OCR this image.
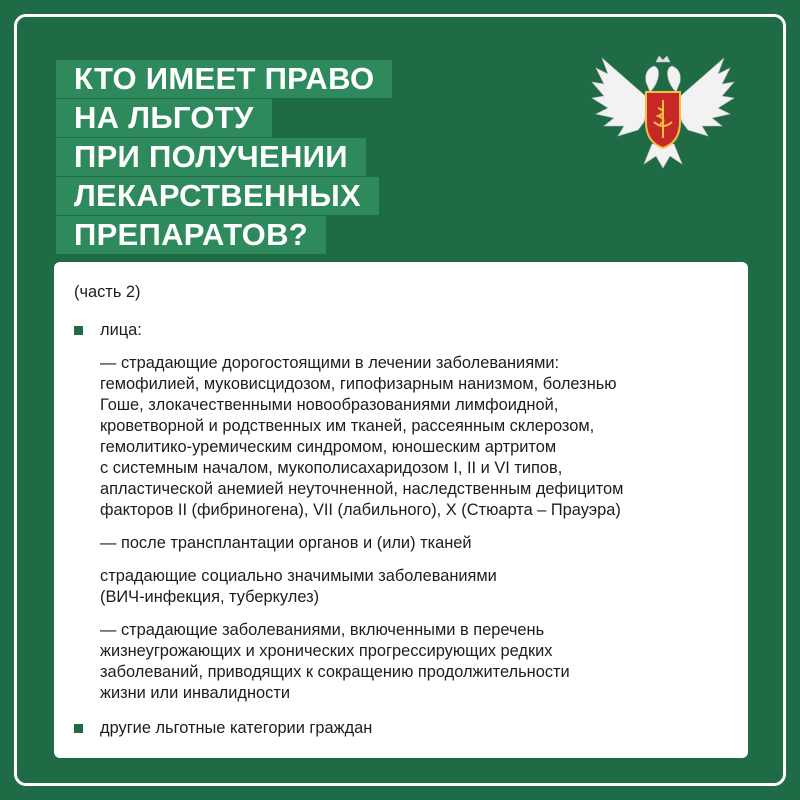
КТО ИМЕЕТ ПРАВО
НА ЛЬГОТУ
ПРИ ПОЛУЧЕНИИ
ЛЕКАРСТВЕННЫХ
ПРЕПАРАТОВ?
(часть 2)
лица:
— страдающие дорогостоящими в лечении заболеваниями:
гемофилией, муковисцидозом, гипофизарным нанизмом, болезнью
Гоше, злокачественными новообразованиями лимфоидной,
кроветворной и родственных им тканей, рассеянным склерозом,
гемолитико-уремическим синдромом, юношеским артритом
с системным началом, мукополисахаридозом I, II и VI типов,
апластической анемией неуточненной, наследственным дефицитом
факторов II (фибриногена), VII (лабильного), X (Стюарта – Прауэра)
— после трансплантации органов и (или) тканей
страдающие социально значимыми заболеваниями
(ВИЧ-инфекция, туберкулез)
— страдающие заболеваниями, включенными в перечень
жизнеугрожающих и хронических прогрессирующих редких
заболеваний, приводящих к сокращению продолжительности
жизни или инвалидности
другие льготные категории граждан
